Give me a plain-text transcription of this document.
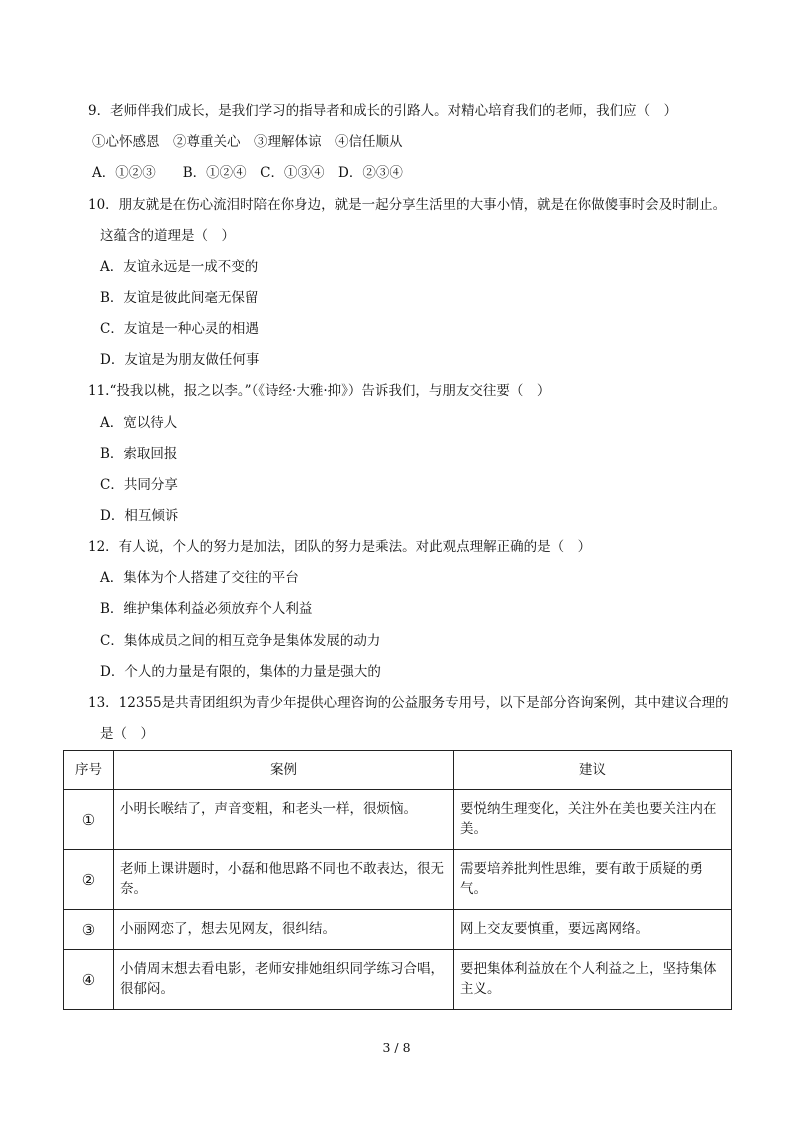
9．老师伴我们成长，是我们学习的指导者和成长的引路人。对精心培育我们的老师，我们应（　）
①心怀感恩　②尊重关心　③理解体谅　④信任顺从
A．①②③　　B．①②④　C．①③④　D．②③④
10．朋友就是在伤心流泪时陪在你身边，就是一起分享生活里的大事小情，就是在你做傻事时会及时制止。
这蕴含的道理是（　）
A．友谊永远是一成不变的
B．友谊是彼此间毫无保留
C．友谊是一种心灵的相遇
D．友谊是为朋友做任何事
11.“投我以桃，报之以李。”（《诗经·大雅·抑》）告诉我们，与朋友交往要（　）
A．宽以待人
B．索取回报
C．共同分享
D．相互倾诉
12．有人说，个人的努力是加法，团队的努力是乘法。对此观点理解正确的是（　）
A．集体为个人搭建了交往的平台
B．维护集体利益必须放弃个人利益
C．集体成员之间的相互竞争是集体发展的动力
D．个人的力量是有限的，集体的力量是强大的
13．12355是共青团组织为青少年提供心理咨询的公益服务专用号，以下是部分咨询案例，其中建议合理的
是（　）
序号	案例	建议
①	小明长喉结了，声音变粗，和老头一样，很烦恼。	要悦纳生理变化，关注外在美也要关注内在美。
②	老师上课讲题时，小磊和他思路不同也不敢表达，很无奈。	需要培养批判性思维，要有敢于质疑的勇气。
③	小丽网恋了，想去见网友，很纠结。	网上交友要慎重，要远离网络。
④	小倩周末想去看电影，老师安排她组织同学练习合唱，很郁闷。	要把集体利益放在个人利益之上，坚持集体主义。
3 / 8
